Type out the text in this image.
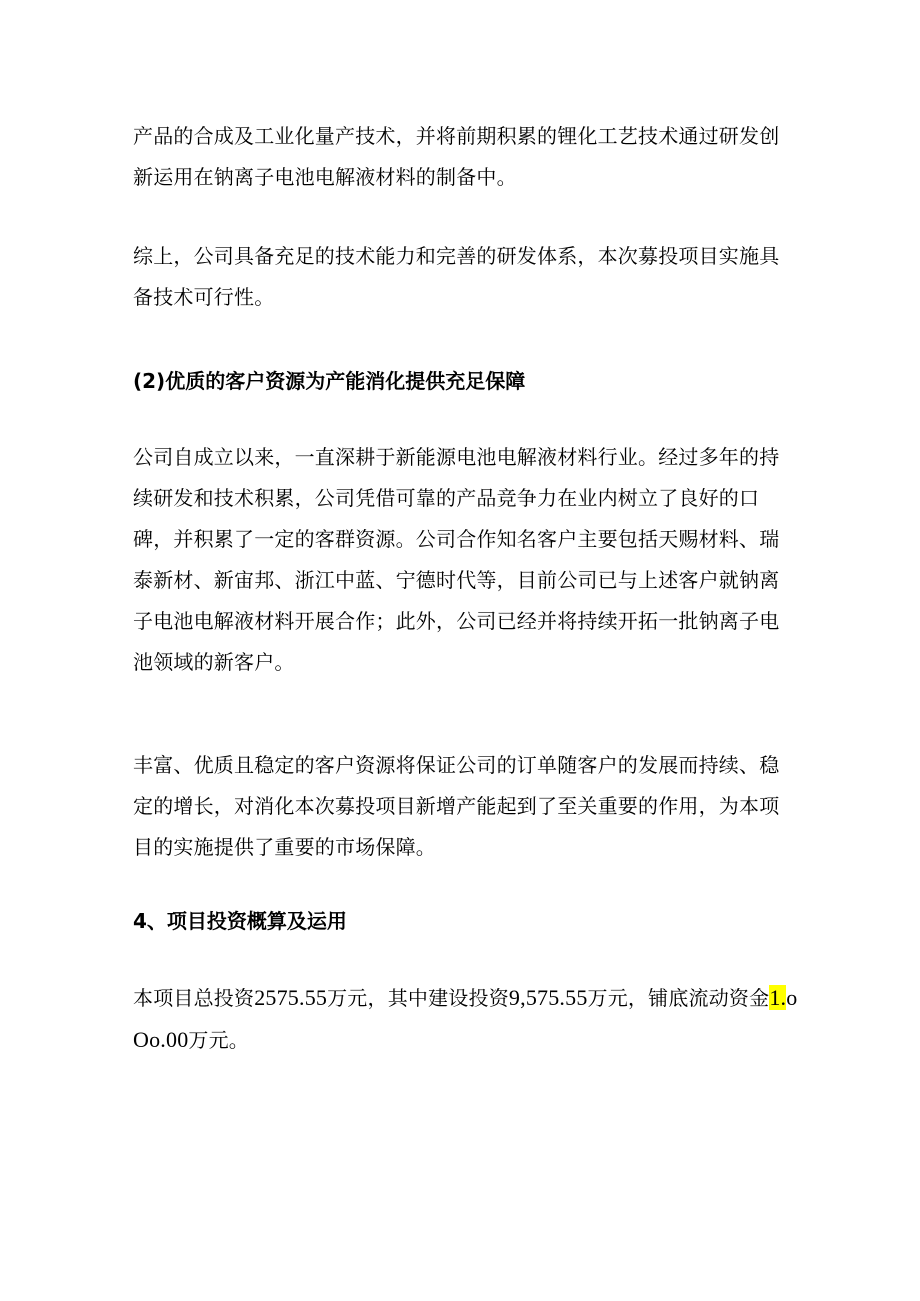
产品的合成及工业化量产技术，并将前期积累的锂化工艺技术通过研发创新运用在钠离子电池电解液材料的制备中。

综上，公司具备充足的技术能力和完善的研发体系，本次募投项目实施具备技术可行性。

(2)优质的客户资源为产能消化提供充足保障

公司自成立以来，一直深耕于新能源电池电解液材料行业。经过多年的持续研发和技术积累，公司凭借可靠的产品竞争力在业内树立了良好的口碑，并积累了一定的客群资源。公司合作知名客户主要包括天赐材料、瑞泰新材、新宙邦、浙江中蓝、宁德时代等，目前公司已与上述客户就钠离子电池电解液材料开展合作；此外，公司已经并将持续开拓一批钠离子电池领域的新客户。

丰富、优质且稳定的客户资源将保证公司的订单随客户的发展而持续、稳定的增长，对消化本次募投项目新增产能起到了至关重要的作用，为本项目的实施提供了重要的市场保障。

4、项目投资概算及运用

本项目总投资2575.55万元，其中建设投资9,575.55万元，铺底流动资金1.oOo.00万元。
